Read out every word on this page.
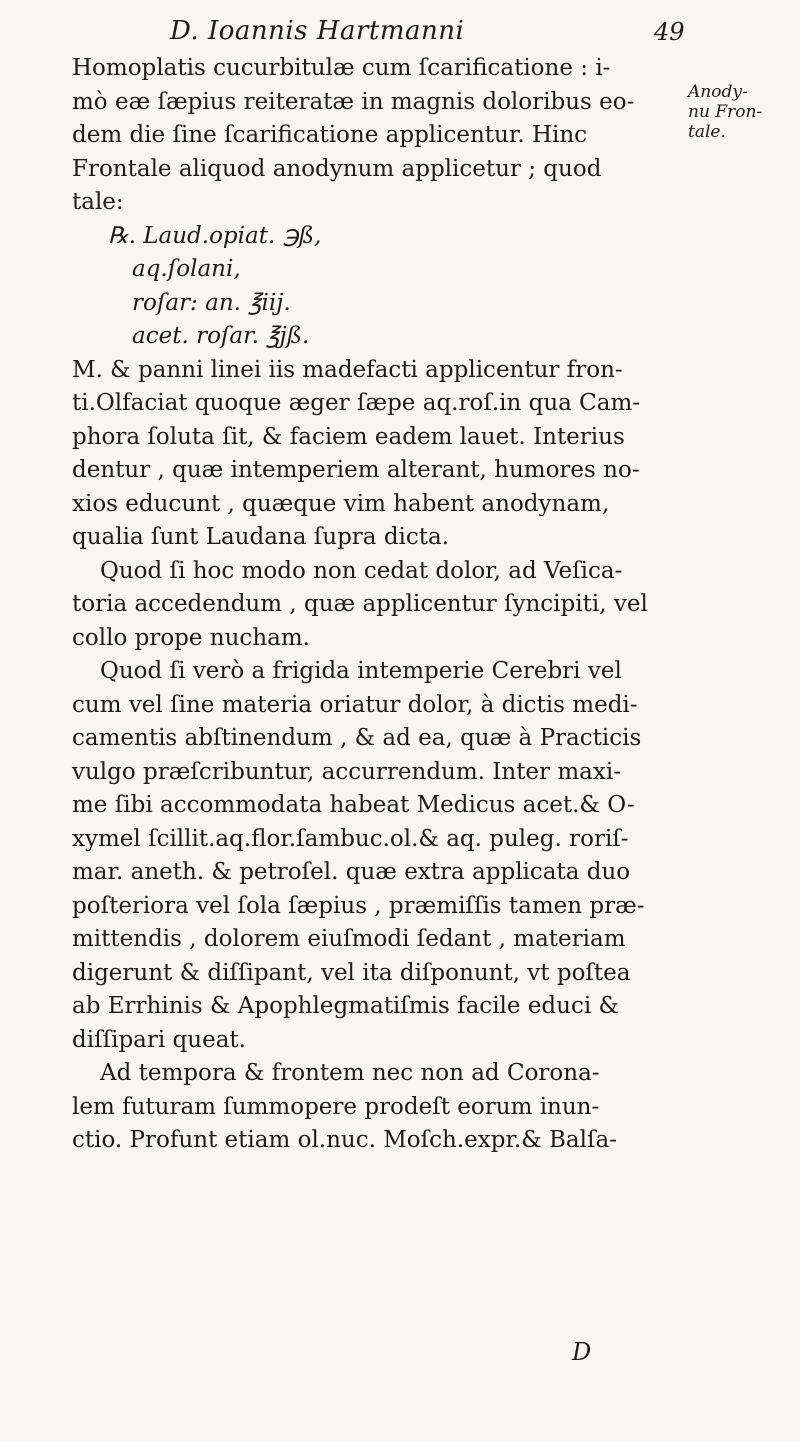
D. Ioannis Hartmanni	49
Anody-
nu Fron-
tale.
Homoplatis cucurbitulæ cum ſcarificatione : i-
mò eæ ſæpius reiteratæ in magnis doloribus eo-
dem die ſine ſcarificatione applicentur. Hinc
Frontale aliquod anodynum applicetur ; quod
tale:
℞. Laud.opiat. ℈ß,
aq.ſolani,
roſar: an. ℥iij.
acet. roſar. ℥jß.
M. & panni linei iis madefacti applicentur fron-
ti.Olfaciat quoque æger ſæpe aq.roſ.in qua Cam-
phora ſoluta ſit, & faciem eadem lauet. Interius
dentur , quæ intemperiem alterant, humores no-
xios educunt , quæque vim habent anodynam,
qualia ſunt Laudana ſupra dicta.
Quod ſi hoc modo non cedat dolor, ad Veſica-
toria accedendum , quæ applicentur ſyncipiti, vel
collo prope nucham.
Quod ſi verò a frigida intemperie Cerebri vel
cum vel ſine materia oriatur dolor, à dictis medi-
camentis abſtinendum , & ad ea, quæ à Practicis
vulgo præſcribuntur, accurrendum. Inter maxi-
me ſibi accommodata habeat Medicus acet.& O-
xymel ſcillit.aq.flor.ſambuc.ol.& aq. puleg. roriſ-
mar. aneth. & petroſel. quæ extra applicata duo
poſteriora vel ſola ſæpius , præmiſſis tamen præ-
mittendis , dolorem eiuſmodi ſedant , materiam
digerunt & diſſipant, vel ita diſponunt, vt poſtea
ab Errhinis & Apophlegmatiſmis facile educi &
diſſipari queat.
Ad tempora & frontem nec non ad Corona-
lem futuram ſummopere prodeſt eorum inun-
ctio. Profunt etiam ol.nuc. Moſch.expr.& Balſa-
D
